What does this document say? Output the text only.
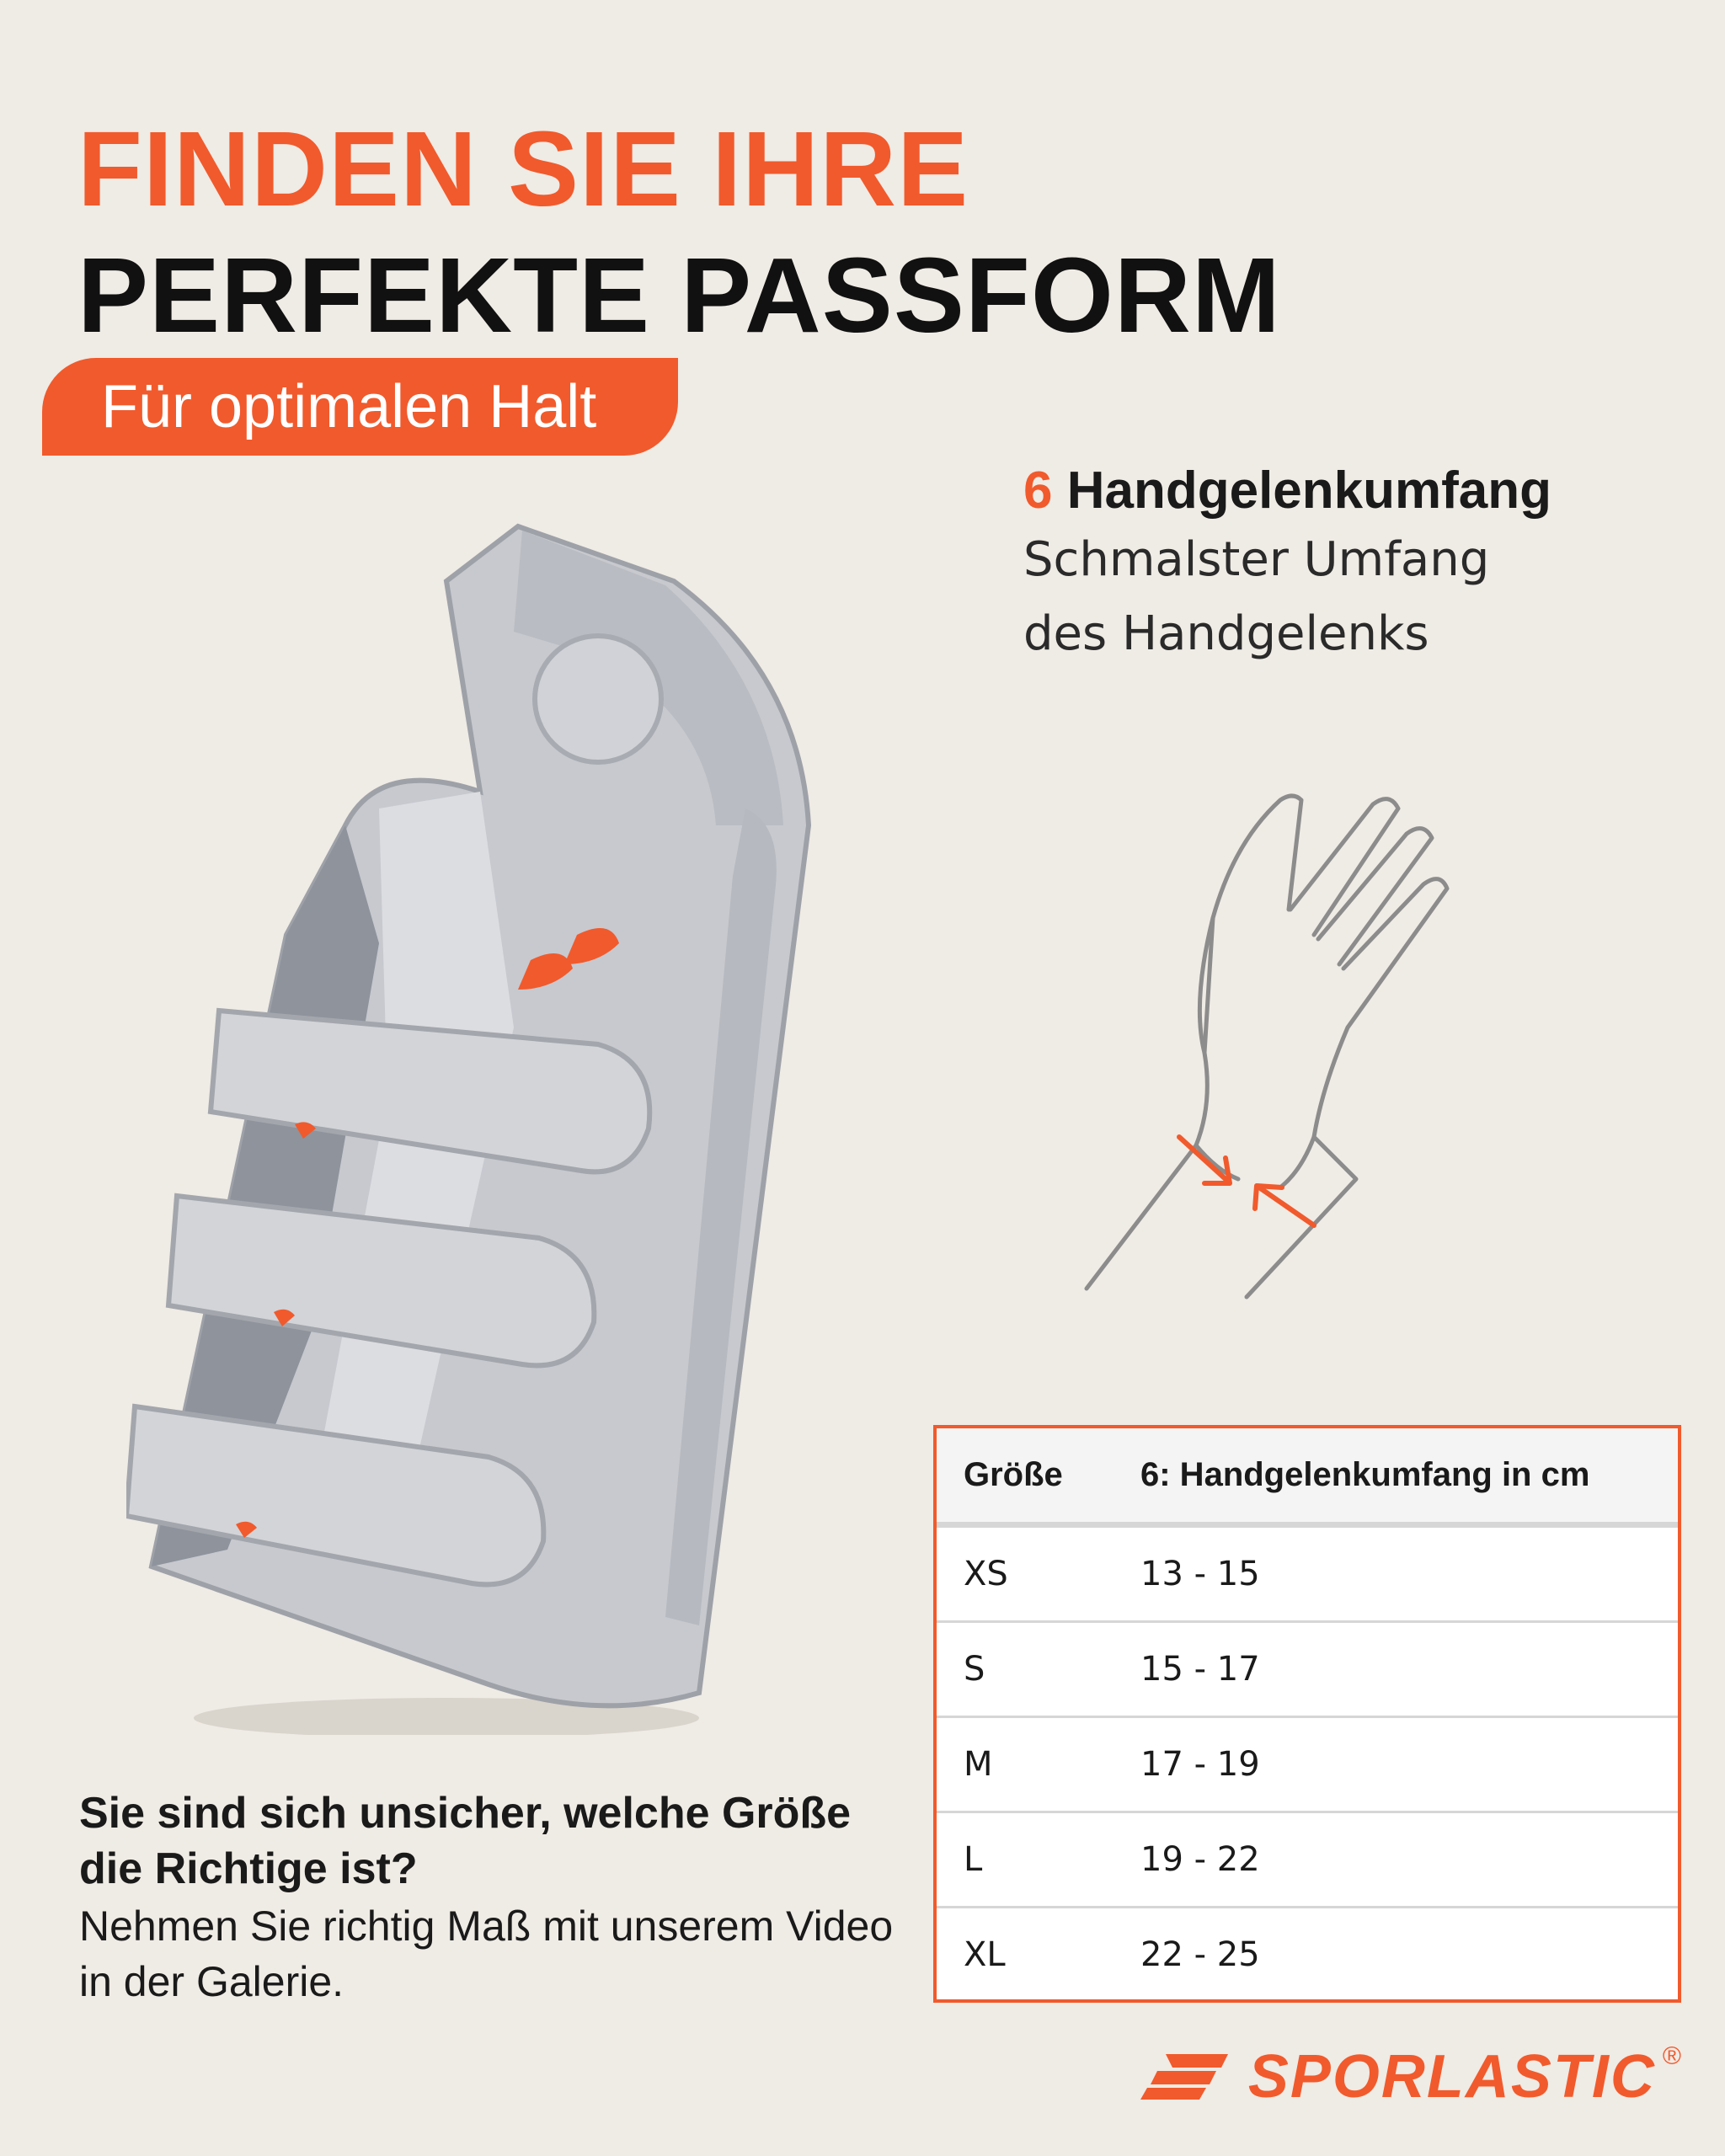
FINDEN SIE IHRE
PERFEKTE PASSFORM
Für optimalen Halt
6 Handgelenkumfang
Schmalster Umfang
des Handgelenks
Größe	6: Handgelenkumfang in cm
XS	13 - 15
S	15 - 17
M	17 - 19
L	19 - 22
XL	22 - 25
Sie sind sich unsicher, welche Größe die Richtige ist?
Nehmen Sie richtig Maß mit unserem Video in der Galerie.
SPORLASTIC ®
